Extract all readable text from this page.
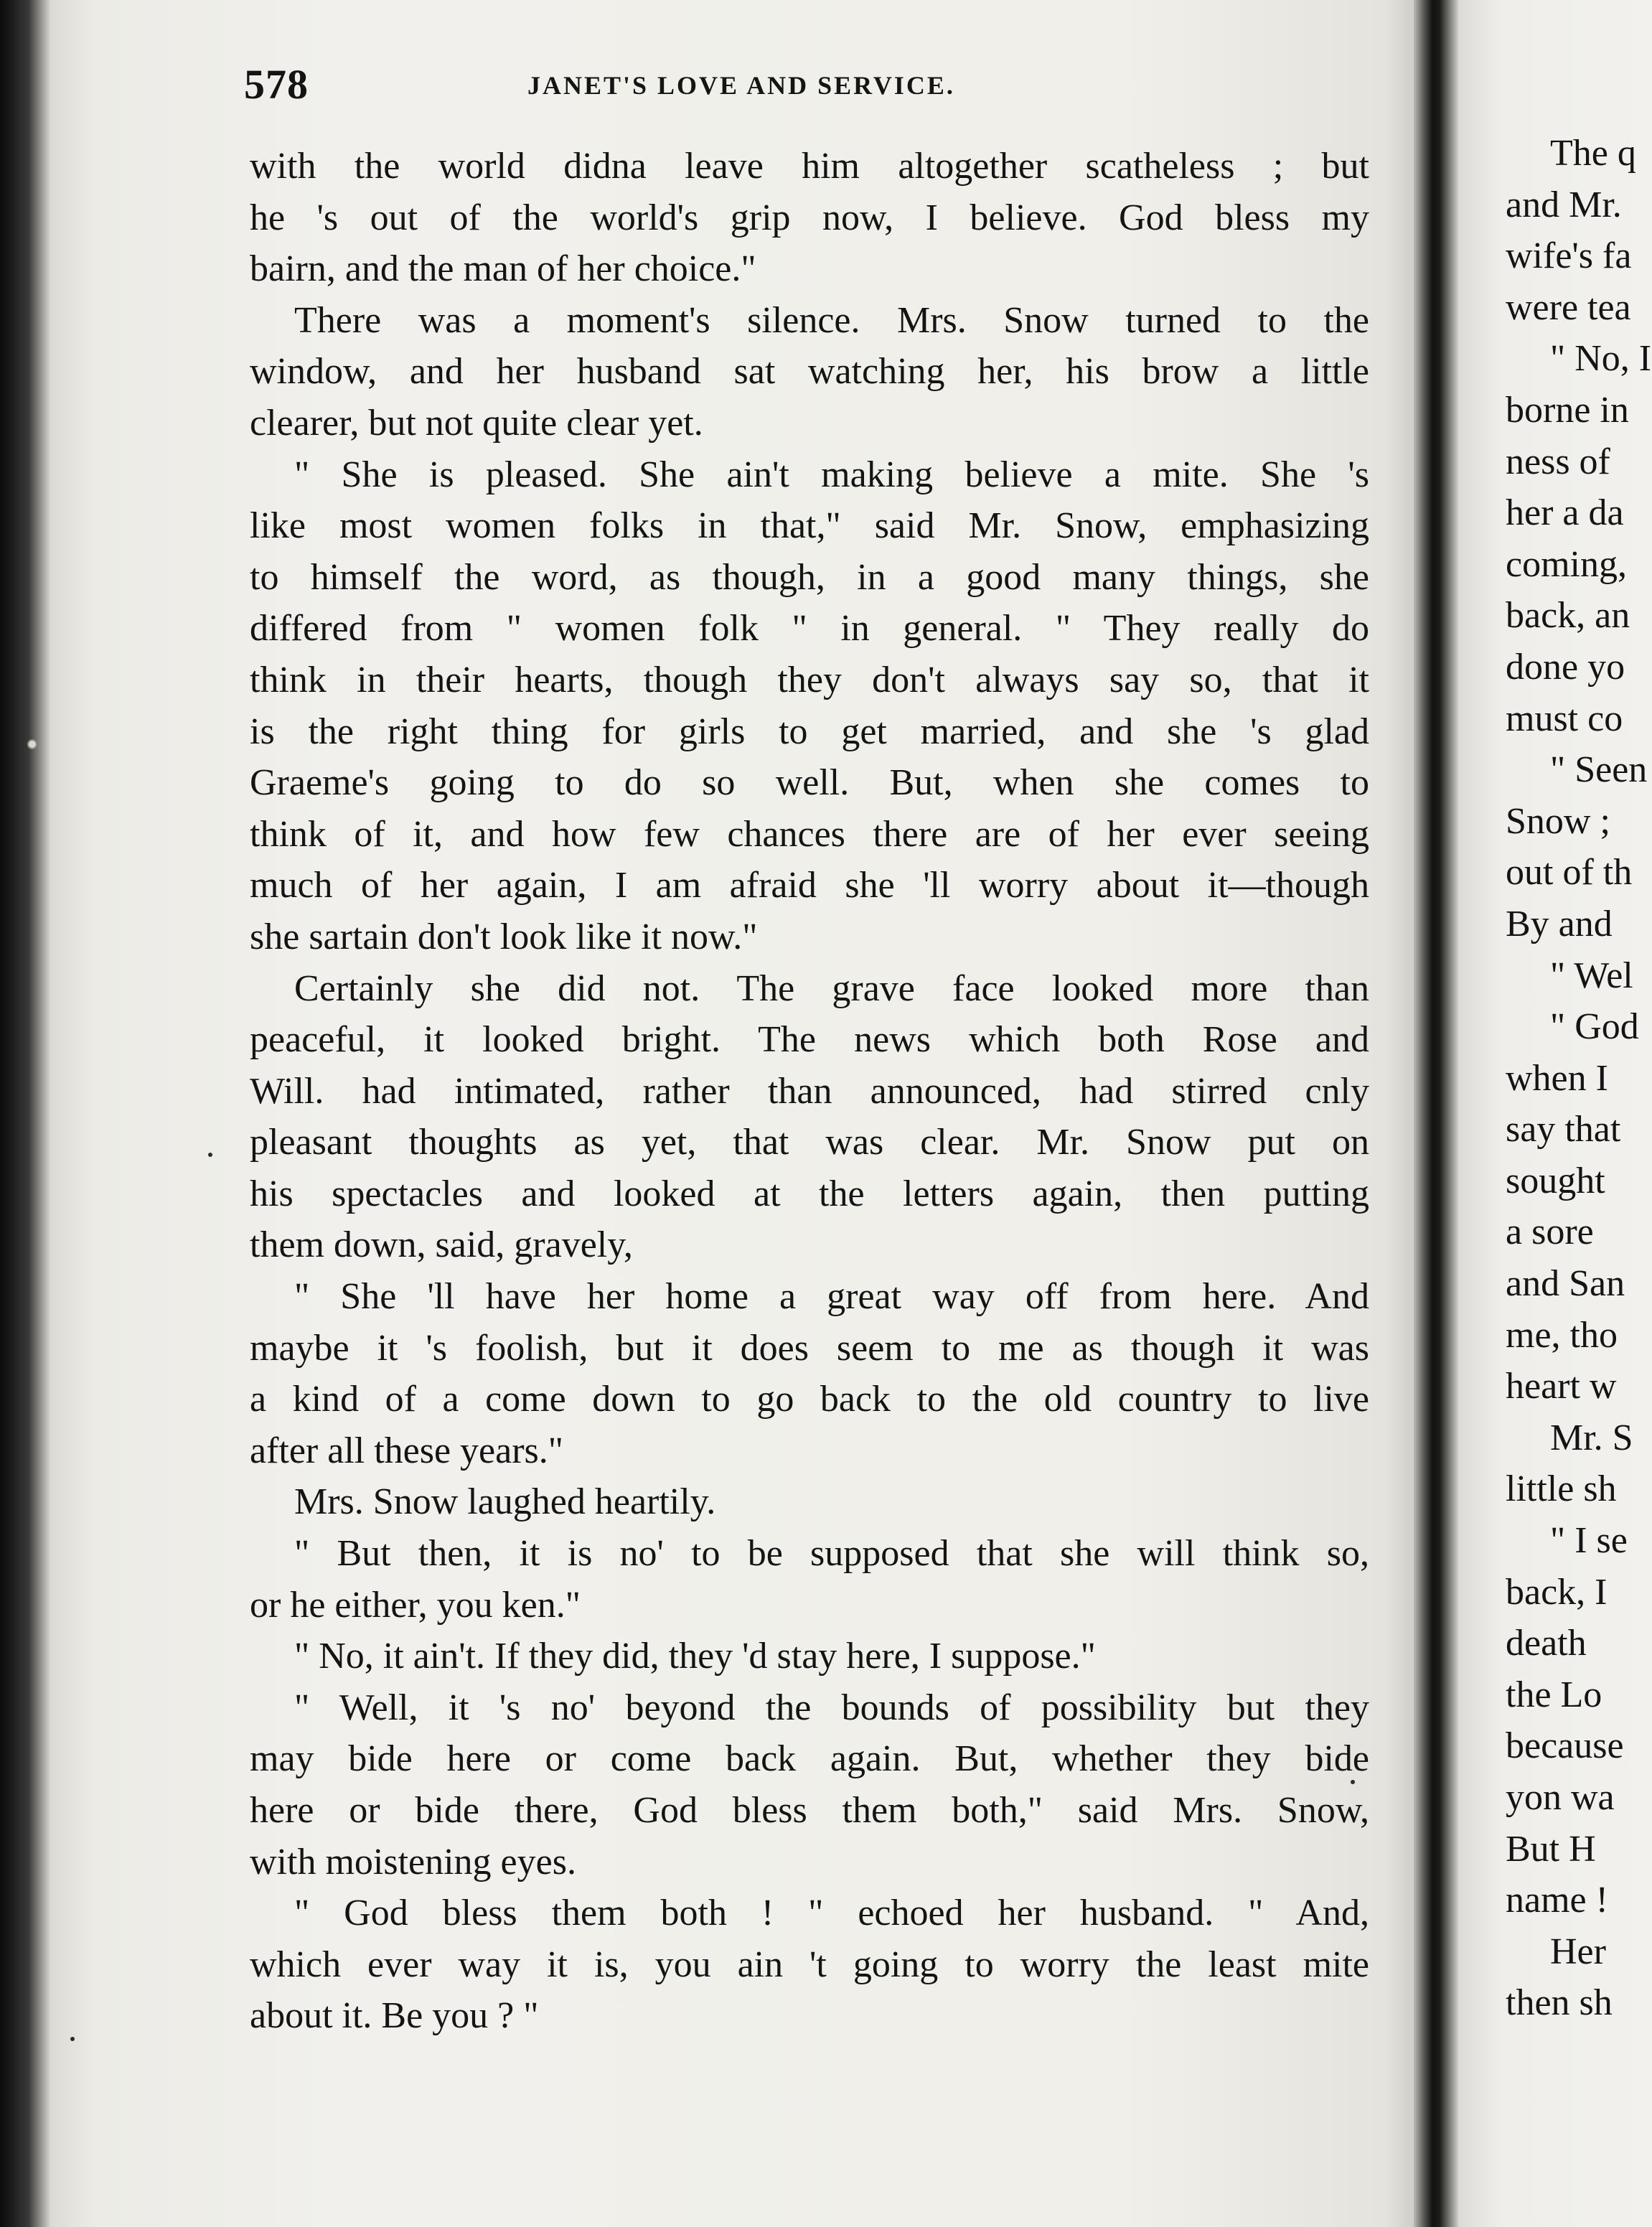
578	JANET'S LOVE AND SERVICE.
with the world didna leave him altogether scatheless ; but
he 's out of the world's grip now, I believe. God bless my
bairn, and the man of her choice."
There was a moment's silence. Mrs. Snow turned to the
window, and her husband sat watching her, his brow a little
clearer, but not quite clear yet.
" She is pleased. She ain't making believe a mite. She 's
like most women folks in that," said Mr. Snow, emphasizing
to himself the word, as though, in a good many things, she
differed from " women folk " in general. " They really do
think in their hearts, though they don't always say so, that it
is the right thing for girls to get married, and she 's glad
Graeme's going to do so well. But, when she comes to
think of it, and how few chances there are of her ever seeing
much of her again, I am afraid she 'll worry about it—though
she sartain don't look like it now."
Certainly she did not. The grave face looked more than
peaceful, it looked bright. The news which both Rose and
Will. had intimated, rather than announced, had stirred cnly
pleasant thoughts as yet, that was clear. Mr. Snow put on
his spectacles and looked at the letters again, then putting
them down, said, gravely,
" She 'll have her home a great way off from here. And
maybe it 's foolish, but it does seem to me as though it was
a kind of a come down to go back to the old country to live
after all these years."
Mrs. Snow laughed heartily.
" But then, it is no' to be supposed that she will think so,
or he either, you ken."
" No, it ain't. If they did, they 'd stay here, I suppose."
" Well, it 's no' beyond the bounds of possibility but they
may bide here or come back again. But, whether they bide
here or bide there, God bless them both," said Mrs. Snow,
with moistening eyes.
" God bless them both ! " echoed her husband. " And,
which ever way it is, you ain 't going to worry the least mite
about it. Be you ? "
The q
and Mr.
wife's fa
were tea
" No, I
borne in
ness of
her a da
coming,
back, an
done yo
must co
" Seen
Snow ;
out of th
By and
" Wel
" God
when I
say that
sought
a sore
and San
me, tho
heart w
Mr. S
little sh
" I se
back, I
death
the Lo
because
yon wa
But H
name !
Her
then sh
